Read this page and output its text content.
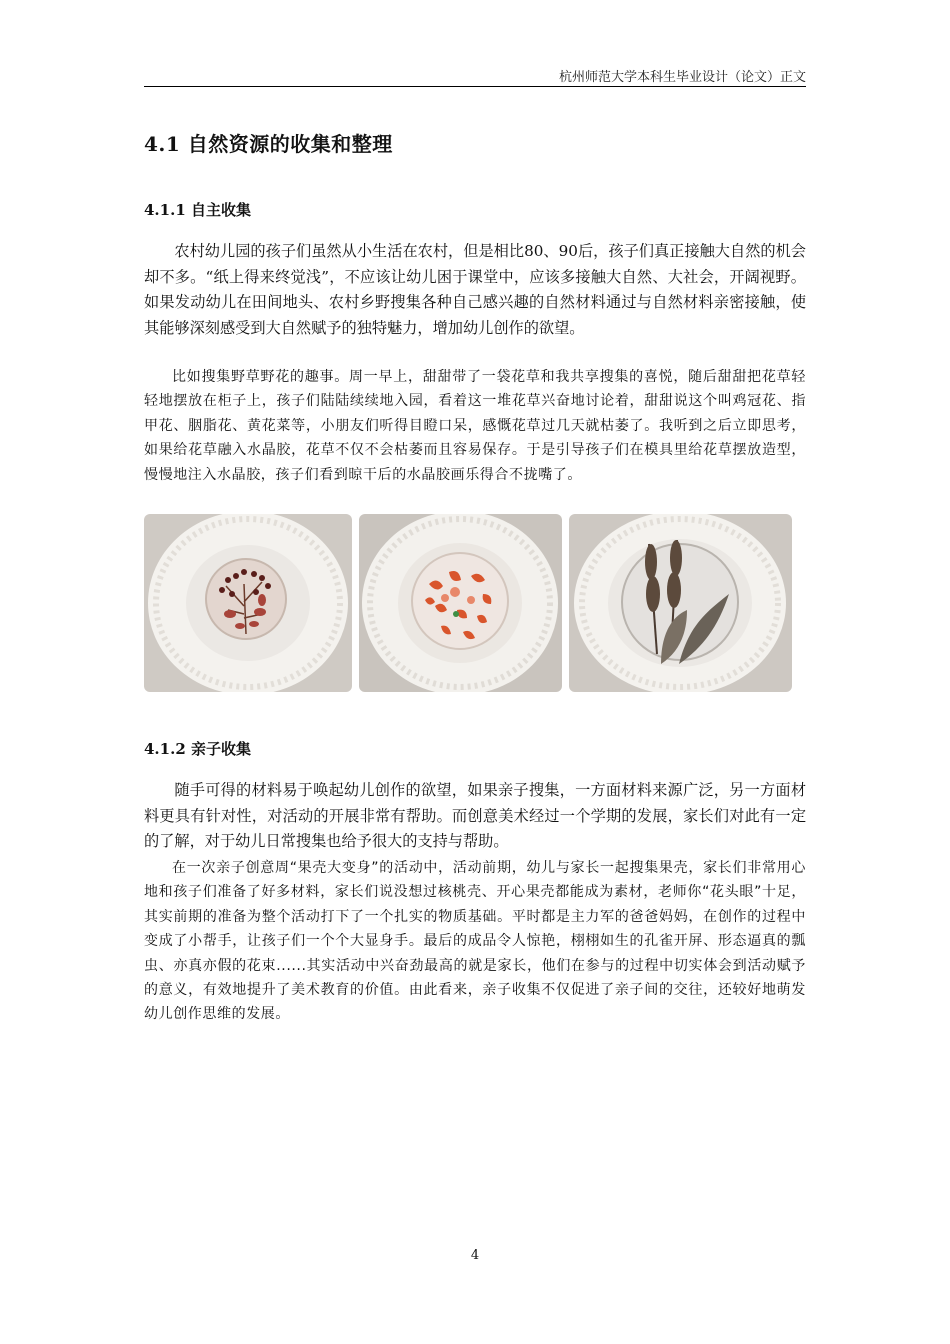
杭州师范大学本科生毕业设计（论文）正文
4.1 自然资源的收集和整理
4.1.1 自主收集

农村幼儿园的孩子们虽然从小生活在农村，但是相比80、90后，孩子们真正接触大自然的机会却不多。“纸上得来终觉浅”，不应该让幼儿困于课堂中，应该多接触大自然、大社会，开阔视野。如果发动幼儿在田间地头、农村乡野搜集各种自己感兴趣的自然材料通过与自然材料亲密接触，使其能够深刻感受到大自然赋予的独特魅力，增加幼儿创作的欲望。

比如搜集野草野花的趣事。周一早上，甜甜带了一袋花草和我共享搜集的喜悦，随后甜甜把花草轻轻地摆放在柜子上，孩子们陆陆续续地入园，看着这一堆花草兴奋地讨论着，甜甜说这个叫鸡冠花、指甲花、胭脂花、黄花菜等，小朋友们听得目瞪口呆，感慨花草过几天就枯萎了。我听到之后立即思考，如果给花草融入水晶胶，花草不仅不会枯萎而且容易保存。于是引导孩子们在模具里给花草摆放造型，慢慢地注入水晶胶，孩子们看到晾干后的水晶胶画乐得合不拢嘴了。

4.1.2 亲子收集

随手可得的材料易于唤起幼儿创作的欲望，如果亲子搜集，一方面材料来源广泛，另一方面材料更具有针对性，对活动的开展非常有帮助。而创意美术经过一个学期的发展，家长们对此有一定的了解，对于幼儿日常搜集也给予很大的支持与帮助。

在一次亲子创意周“果壳大变身”的活动中，活动前期，幼儿与家长一起搜集果壳，家长们非常用心地和孩子们准备了好多材料，家长们说没想过核桃壳、开心果壳都能成为素材，老师你“花头眼”十足，其实前期的准备为整个活动打下了一个扎实的物质基础。平时都是主力军的爸爸妈妈，在创作的过程中变成了小帮手，让孩子们一个个大显身手。最后的成品令人惊艳，栩栩如生的孔雀开屏、形态逼真的瓢虫、亦真亦假的花束......其实活动中兴奋劲最高的就是家长，他们在参与的过程中切实体会到活动赋予的意义，有效地提升了美术教育的价值。由此看来，亲子收集不仅促进了亲子间的交往，还较好地萌发幼儿创作思维的发展。

4
